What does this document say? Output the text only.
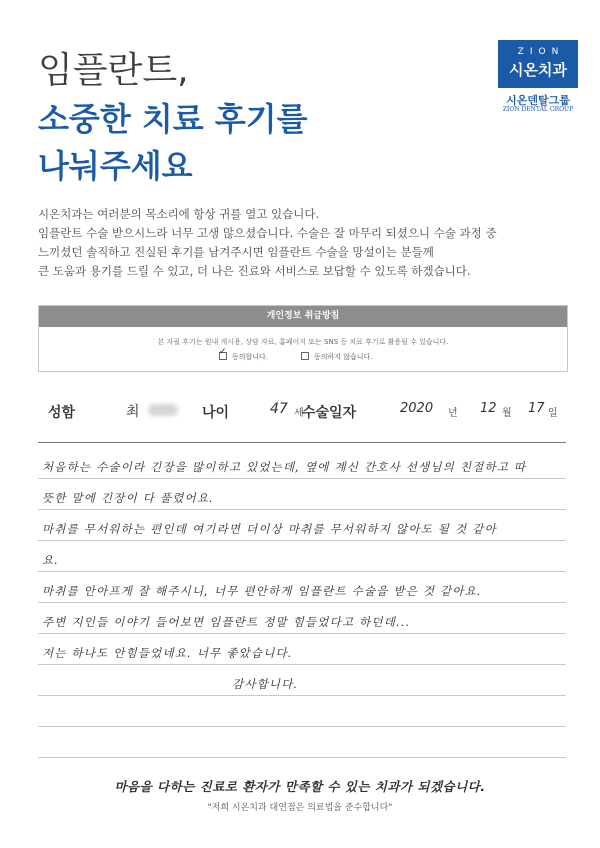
임플란트,
소중한 치료 후기를
나눠주세요
ZION
시온치과
시온덴탈그룹
ZION DENTAL GROUP
시온치과는 여러분의 목소리에 항상 귀를 열고 있습니다.
임플란트 수술 받으시느라 너무 고생 많으셨습니다. 수술은 잘 마무리 되셨으니 수술 과정 중
느끼셨던 솔직하고 진실된 후기를 남겨주시면 임플란트 수술을 망설이는 분들께
큰 도움과 용기를 드릴 수 있고, 더 나은 진료와 서비스로 보답할 수 있도록 하겠습니다.
개인정보 취급방침
본 자필 후기는 원내 게시용, 상담 자료, 홈페이지 또는 SNS 등 치료 후기로 활용될 수 있습니다.
✓동의합니다.	동의하지 않습니다.
성함	최	나이	47 세
수술일자	2020 년 12 월 17 일
처음하는 수술이라 긴장을 많이하고 있었는데, 옆에 계신 간호사 선생님의 친절하고 따
뜻한 말에 긴장이 다 풀렸어요.
마취를 무서워하는 편인데 여기라면 더이상 마취를 무서워하지 않아도 될 것 같아
요.
마취를 안아프게 잘 해주시니, 너무 편안하게 임플란트 수술을 받은 것 같아요.
주변 지인들 이야기 들어보면 임플란트 정말 힘들었다고 하던데...
저는 하나도 안힘들었네요. 너무 좋았습니다.
감사합니다.
마음을 다하는 진료로 환자가 만족할 수 있는 치과가 되겠습니다.
"저희 시온치과 대연점은 의료법을 준수합니다"
